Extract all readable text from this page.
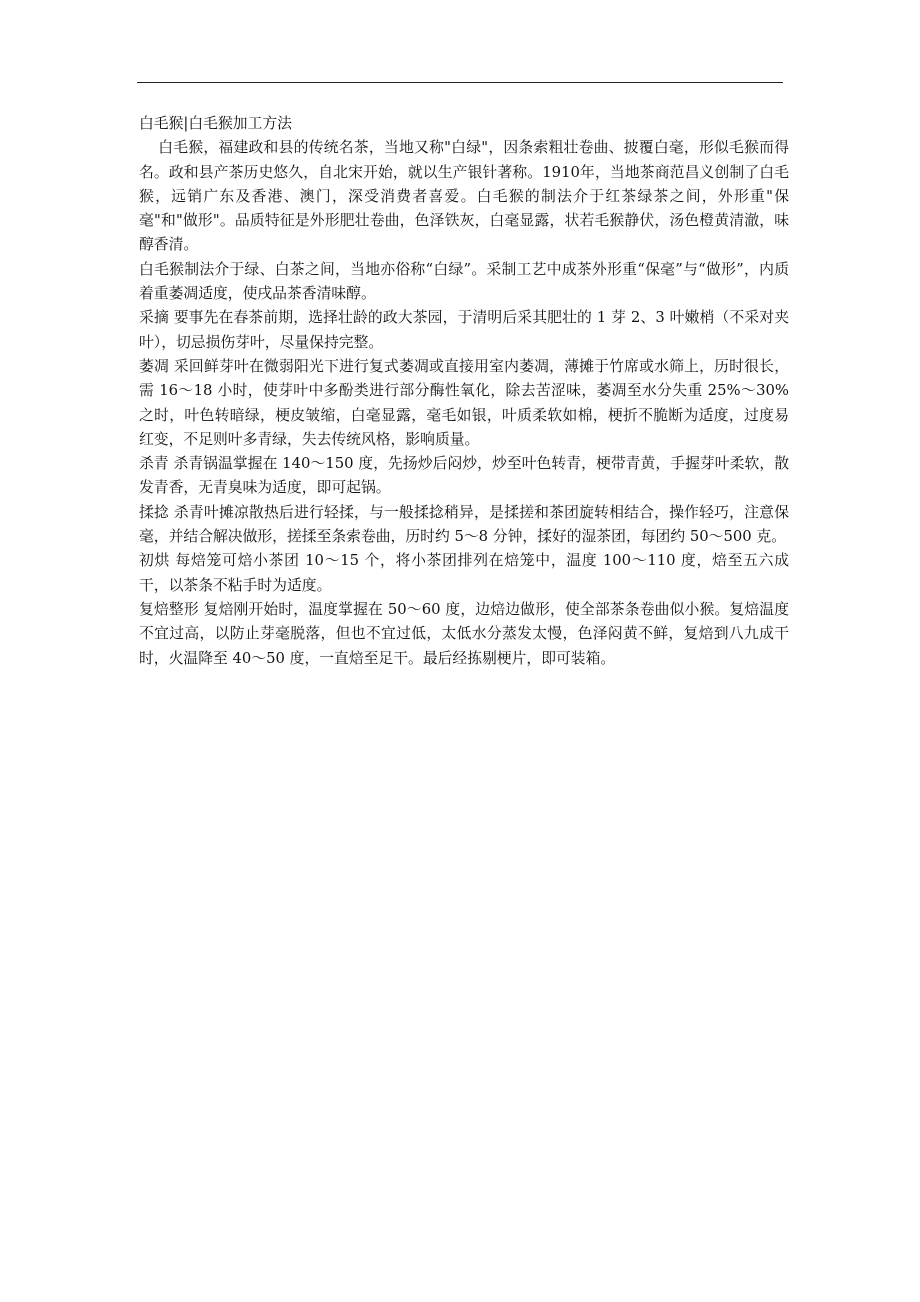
白毛猴|白毛猴加工方法

白毛猴，福建政和县的传统名茶，当地又称"白绿"，因条索粗壮卷曲、披覆白毫，形似毛猴而得名。政和县产茶历史悠久，自北宋开始，就以生产银针著称。1910年，当地茶商范昌义创制了白毛猴，远销广东及香港、澳门，深受消费者喜爱。白毛猴的制法介于红茶绿茶之间，外形重"保毫"和"做形"。品质特征是外形肥壮卷曲，色泽铁灰，白毫显露，状若毛猴静伏，汤色橙黄清澈，味醇香清。

白毛猴制法介于绿、白茶之间，当地亦俗称“白绿”。采制工艺中成茶外形重“保毫”与“做形”，内质着重萎凋适度，使戌品茶香清味醇。

采摘 要事先在春茶前期，选择壮龄的政大茶园，于清明后采其肥壮的 1 芽 2、3 叶嫩梢（不采对夹叶），切忌损伤芽叶，尽量保持完整。

萎凋 采回鲜芽叶在微弱阳光下进行复式萎凋或直接用室内萎凋，薄摊于竹席或水筛上，历时很长，需 16～18 小时，使芽叶中多酚类进行部分酶性氧化，除去苦涩味，萎凋至水分失重 25%～30%之时，叶色转暗绿，梗皮皱缩，白毫显露，毫毛如银，叶质柔软如棉，梗折不脆断为适度，过度易红变，不足则叶多青绿，失去传统风格，影响质量。

杀青 杀青锅温掌握在 140～150 度，先扬炒后闷炒，炒至叶色转青，梗带青黄，手握芽叶柔软，散发青香，无青臭味为适度，即可起锅。

揉捻 杀青叶摊凉散热后进行轻揉，与一般揉捻稍异，是揉搓和茶团旋转相结合，操作轻巧，注意保毫，并结合解决做形，搓揉至条索卷曲，历时约 5～8 分钟，揉好的湿茶团，每团约 50～500 克。

初烘 每焙笼可焙小茶团 10～15 个，将小茶团排列在焙笼中，温度 100～110 度，焙至五六成干，以茶条不粘手时为适度。

复焙整形 复焙刚开始时，温度掌握在 50～60 度，边焙边做形，使全部茶条卷曲似小猴。复焙温度不宜过高，以防止芽毫脱落，但也不宜过低，太低水分蒸发太慢，色泽闷黄不鲜，复焙到八九成干时，火温降至 40～50 度，一直焙至足干。最后经拣剔梗片，即可装箱。
